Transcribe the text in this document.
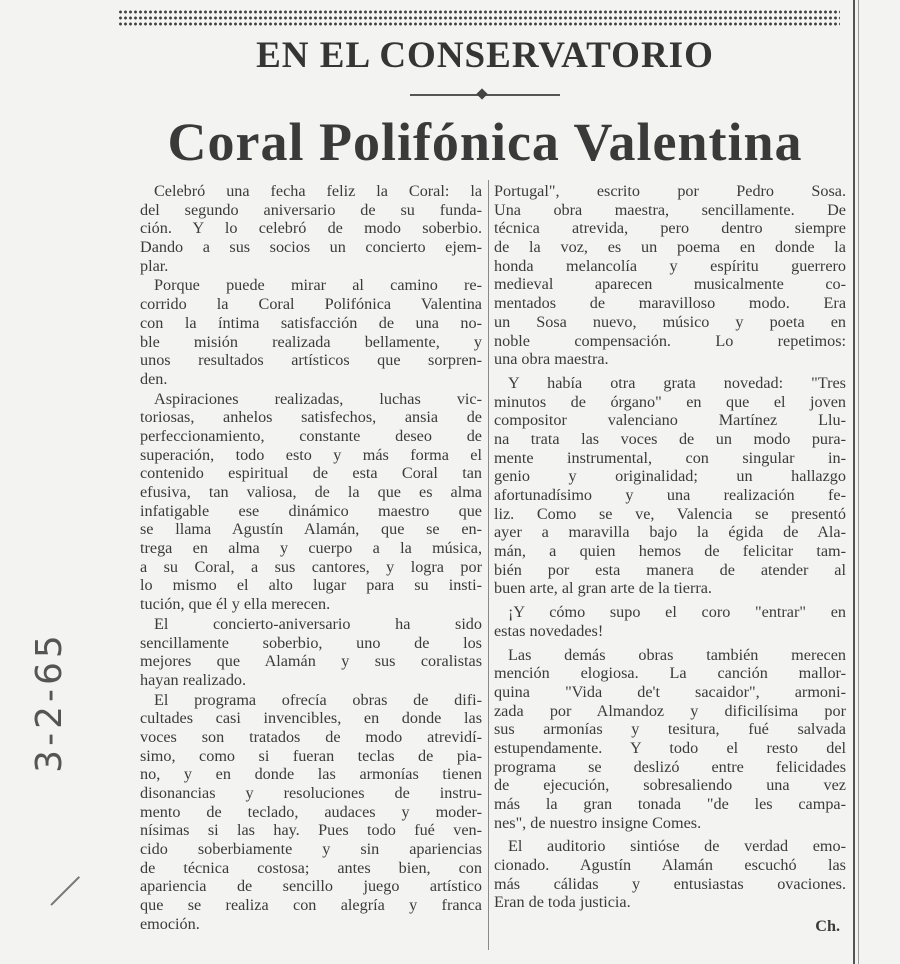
EN EL CONSERVATORIO
Coral Polifónica Valentina
Celebró una fecha feliz la Coral: la
del segundo aniversario de su funda-
ción. Y lo celebró de modo soberbio.
Dando a sus socios un concierto ejem-
plar.
Porque puede mirar al camino re-
corrido la Coral Polifónica Valentina
con la íntima satisfacción de una no-
ble misión realizada bellamente, y
unos resultados artísticos que sorpren-
den.
Aspiraciones realizadas, luchas vic-
toriosas, anhelos satisfechos, ansia de
perfeccionamiento, constante deseo de
superación, todo esto y más forma el
contenido espiritual de esta Coral tan
efusiva, tan valiosa, de la que es alma
infatigable ese dinámico maestro que
se llama Agustín Alamán, que se en-
trega en alma y cuerpo a la música,
a su Coral, a sus cantores, y logra por
lo mismo el alto lugar para su insti-
tución, que él y ella merecen.
El concierto-aniversario ha sido
sencillamente soberbio, uno de los
mejores que Alamán y sus coralistas
hayan realizado.
El programa ofrecía obras de difi-
cultades casi invencibles, en donde las
voces son tratados de modo atrevidí-
simo, como si fueran teclas de pia-
no, y en donde las armonías tienen
disonancias y resoluciones de instru-
mento de teclado, audaces y moder-
nísimas si las hay. Pues todo fué ven-
cido soberbiamente y sin apariencias
de técnica costosa; antes bien, con
apariencia de sencillo juego artístico
que se realiza con alegría y franca
emoción.
Portugal", escrito por Pedro Sosa.
Una obra maestra, sencillamente. De
técnica atrevida, pero dentro siempre
de la voz, es un poema en donde la
honda melancolía y espíritu guerrero
medieval aparecen musicalmente co-
mentados de maravilloso modo. Era
un Sosa nuevo, músico y poeta en
noble compensación. Lo repetimos:
una obra maestra.
Y había otra grata novedad: "Tres
minutos de órgano" en que el joven
compositor valenciano Martínez Llu-
na trata las voces de un modo pura-
mente instrumental, con singular in-
genio y originalidad; un hallazgo
afortunadísimo y una realización fe-
liz. Como se ve, Valencia se presentó
ayer a maravilla bajo la égida de Ala-
mán, a quien hemos de felicitar tam-
bién por esta manera de atender al
buen arte, al gran arte de la tierra.
¡Y cómo supo el coro "entrar" en
estas novedades!
Las demás obras también merecen
mención elogiosa. La canción mallor-
quina "Vida de't sacaidor", armoni-
zada por Almandoz y dificilísima por
sus armonías y tesitura, fué salvada
estupendamente. Y todo el resto del
programa se deslizó entre felicidades
de ejecución, sobresaliendo una vez
más la gran tonada "de les campa-
nes", de nuestro insigne Comes.
El auditorio sintióse de verdad emo-
cionado. Agustín Alamán escuchó las
más cálidas y entusiastas ovaciones.
Eran de toda justicia.
Ch.
3-2-65
